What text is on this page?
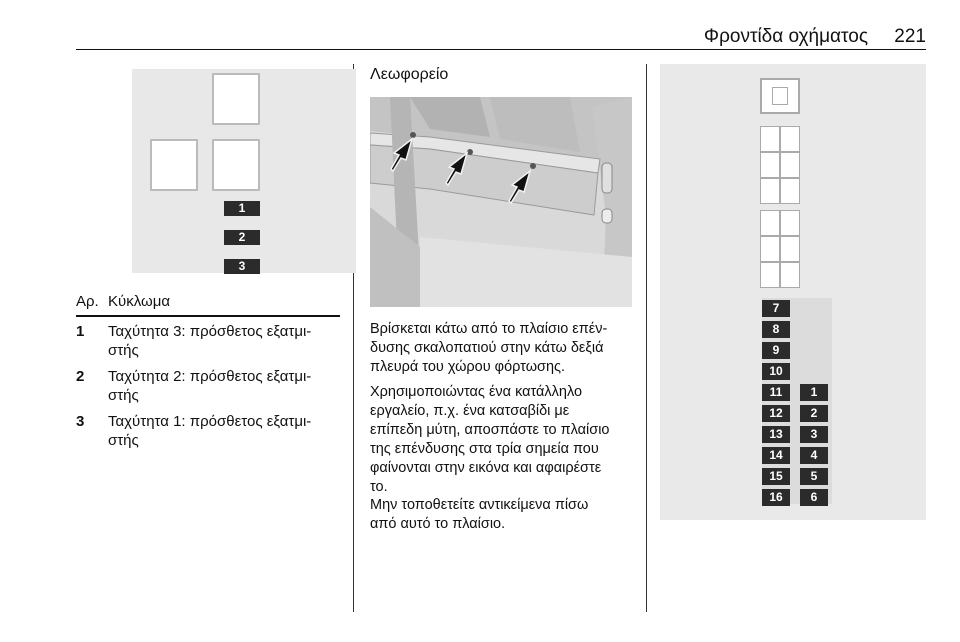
Φροντίδα οχήματος	221
1
2
3
Αρ. Κύκλωμα
1 Ταχύτητα 3: πρόσθετος εξατμι-
στής
2 Ταχύτητα 2: πρόσθετος εξατμι-
στής
3 Ταχύτητα 1: πρόσθετος εξατμι-
στής
Λεωφορείο
Βρίσκεται κάτω από το πλαίσιο επέν-
δυσης σκαλοπατιού στην κάτω δεξιά
πλευρά του χώρου φόρτωσης.
Χρησιμοποιώντας ένα κατάλληλο
εργαλείο, π.χ. ένα κατσαβίδι με
επίπεδη μύτη, αποσπάστε το πλαίσιο
της επένδυσης στα τρία σημεία που
φαίνονται στην εικόνα και αφαιρέστε
το.
Μην τοποθετείτε αντικείμενα πίσω
από αυτό το πλαίσιο.
7
8
9
10
11
12
13
14
15
16
1
2
3
4
5
6
